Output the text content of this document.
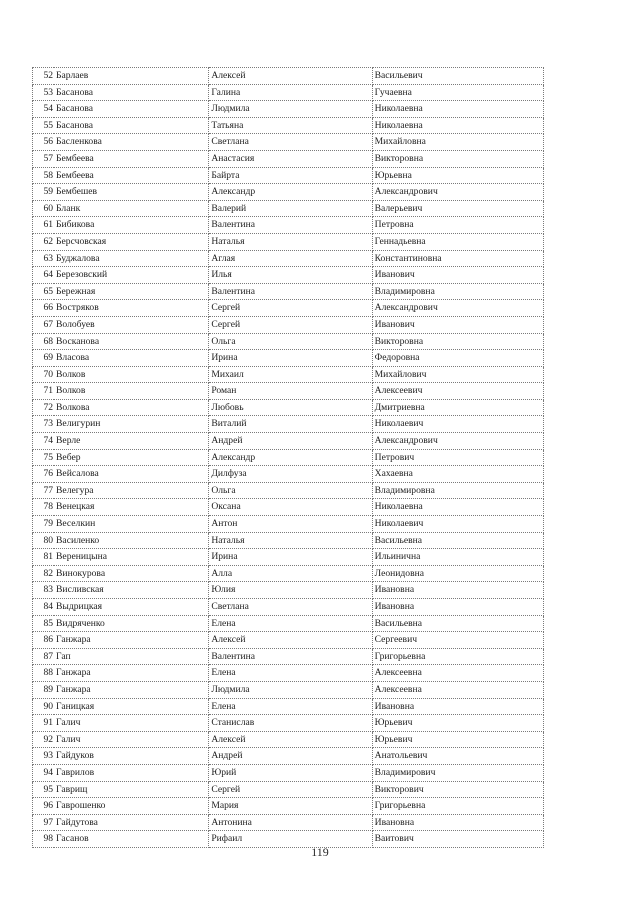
52	Барлаев	Алексей	Васильевич
53	Басанова	Галина	Гучаевна
54	Басанова	Людмила	Николаевна
55	Басанова	Татьяна	Николаевна
56	Басленкова	Светлана	Михайловна
57	Бембеева	Анастасия	Викторовна
58	Бембеева	Байрта	Юрьевна
59	Бембешев	Александр	Александрович
60	Бланк	Валерий	Валерьевич
61	Бибикова	Валентина	Петровна
62	Берсчовская	Наталья	Геннадьевна
63	Буджалова	Аглая	Константиновна
64	Березовский	Илья	Иванович
65	Бережная	Валентина	Владимировна
66	Востряков	Сергей	Александрович
67	Волобуев	Сергей	Иванович
68	Восканова	Ольга	Викторовна
69	Власова	Ирина	Федоровна
70	Волков	Михаил	Михайлович
71	Волков	Роман	Алексеевич
72	Волкова	Любовь	Дмитриевна
73	Велигурин	Виталий	Николаевич
74	Верле	Андрей	Александрович
75	Вебер	Александр	Петрович
76	Вейсалова	Дилфуза	Хахаевна
77	Велегура	Ольга	Владимировна
78	Венецкая	Оксана	Николаевна
79	Веселкин	Антон	Николаевич
80	Василенко	Наталья	Васильевна
81	Вереницына	Ирина	Ильинична
82	Винокурова	Алла	Леонидовна
83	Висливская	Юлия	Ивановна
84	Выдрицкая	Светлана	Ивановна
85	Видряченко	Елена	Васильевна
86	Ганжара	Алексей	Сергеевич
87	Гап	Валентина	Григорьевна
88	Ганжара	Елена	Алексеевна
89	Ганжара	Людмила	Алексеевна
90	Ганицкая	Елена	Ивановна
91	Галич	Станислав	Юрьевич
92	Галич	Алексей	Юрьевич
93	Гайдуков	Андрей	Анатольевич
94	Гаврилов	Юрий	Владимирович
95	Гаврищ	Сергей	Викторович
96	Гаврошенко	Мария	Григорьевна
97	Гайдутова	Антонина	Ивановна
98	Гасанов	Рифаил	Ваитович
119
